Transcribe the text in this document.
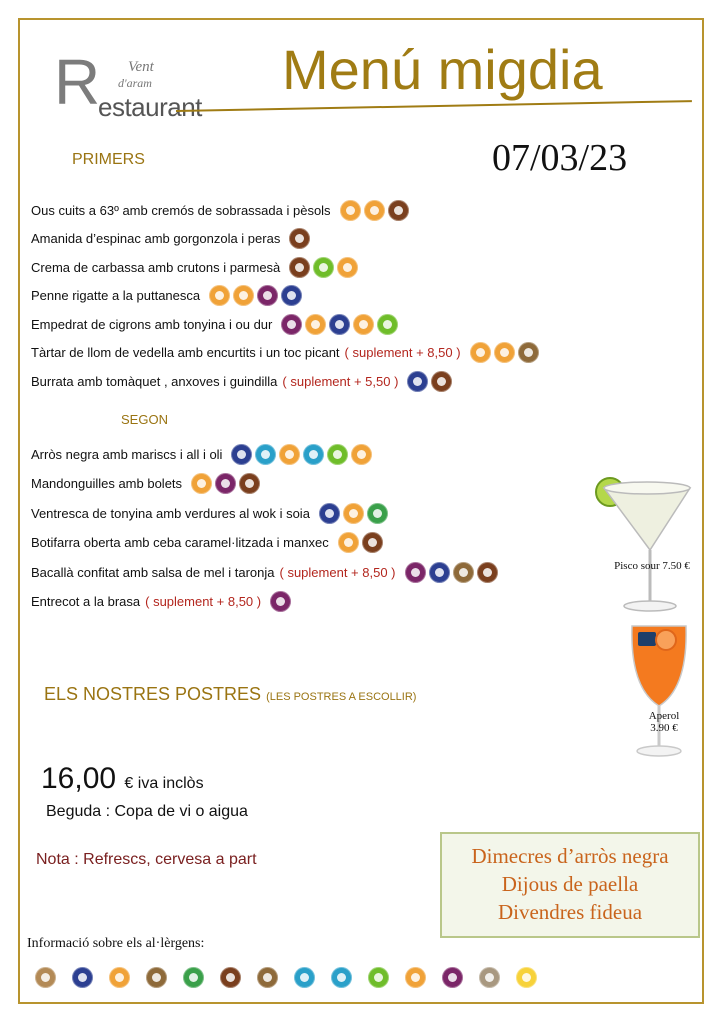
R Vent
d'aram
estaurant
Menú migdia
07/03/23
PRIMERS
Ous cuits a 63º amb cremós de sobrassada i pèsols
Amanida d’espinac amb gorgonzola i peras
Crema de carbassa amb crutons i parmesà
Penne rigatte a la puttanesca
Empedrat de cigrons amb tonyina i ou dur
Tàrtar de llom de vedella amb encurtits i un toc picant ( suplement + 8,50 )
Burrata amb tomàquet , anxoves i guindilla ( suplement + 5,50 )
SEGON
Arròs negra amb mariscs i all i oli
Mandonguilles amb bolets
Ventresca de tonyina amb verdures al wok i soia
Botifarra oberta amb ceba caramel·litzada i manxec
Bacallà confitat amb salsa de mel i taronja ( suplement + 8,50 )
Entrecot a la brasa ( suplement + 8,50 )
ELS NOSTRES POSTRES (LES POSTRES A ESCOLLIR)
16,00 € iva inclòs
Beguda : Copa de vi o aigua
Nota : Refrescs, cervesa a part	Dimecres d’arròs negra
Dijous de paella
Divendres fideua
Pisco sour 7.50 €
Aperol
3.90 €
Informació sobre els al·lèrgens:
